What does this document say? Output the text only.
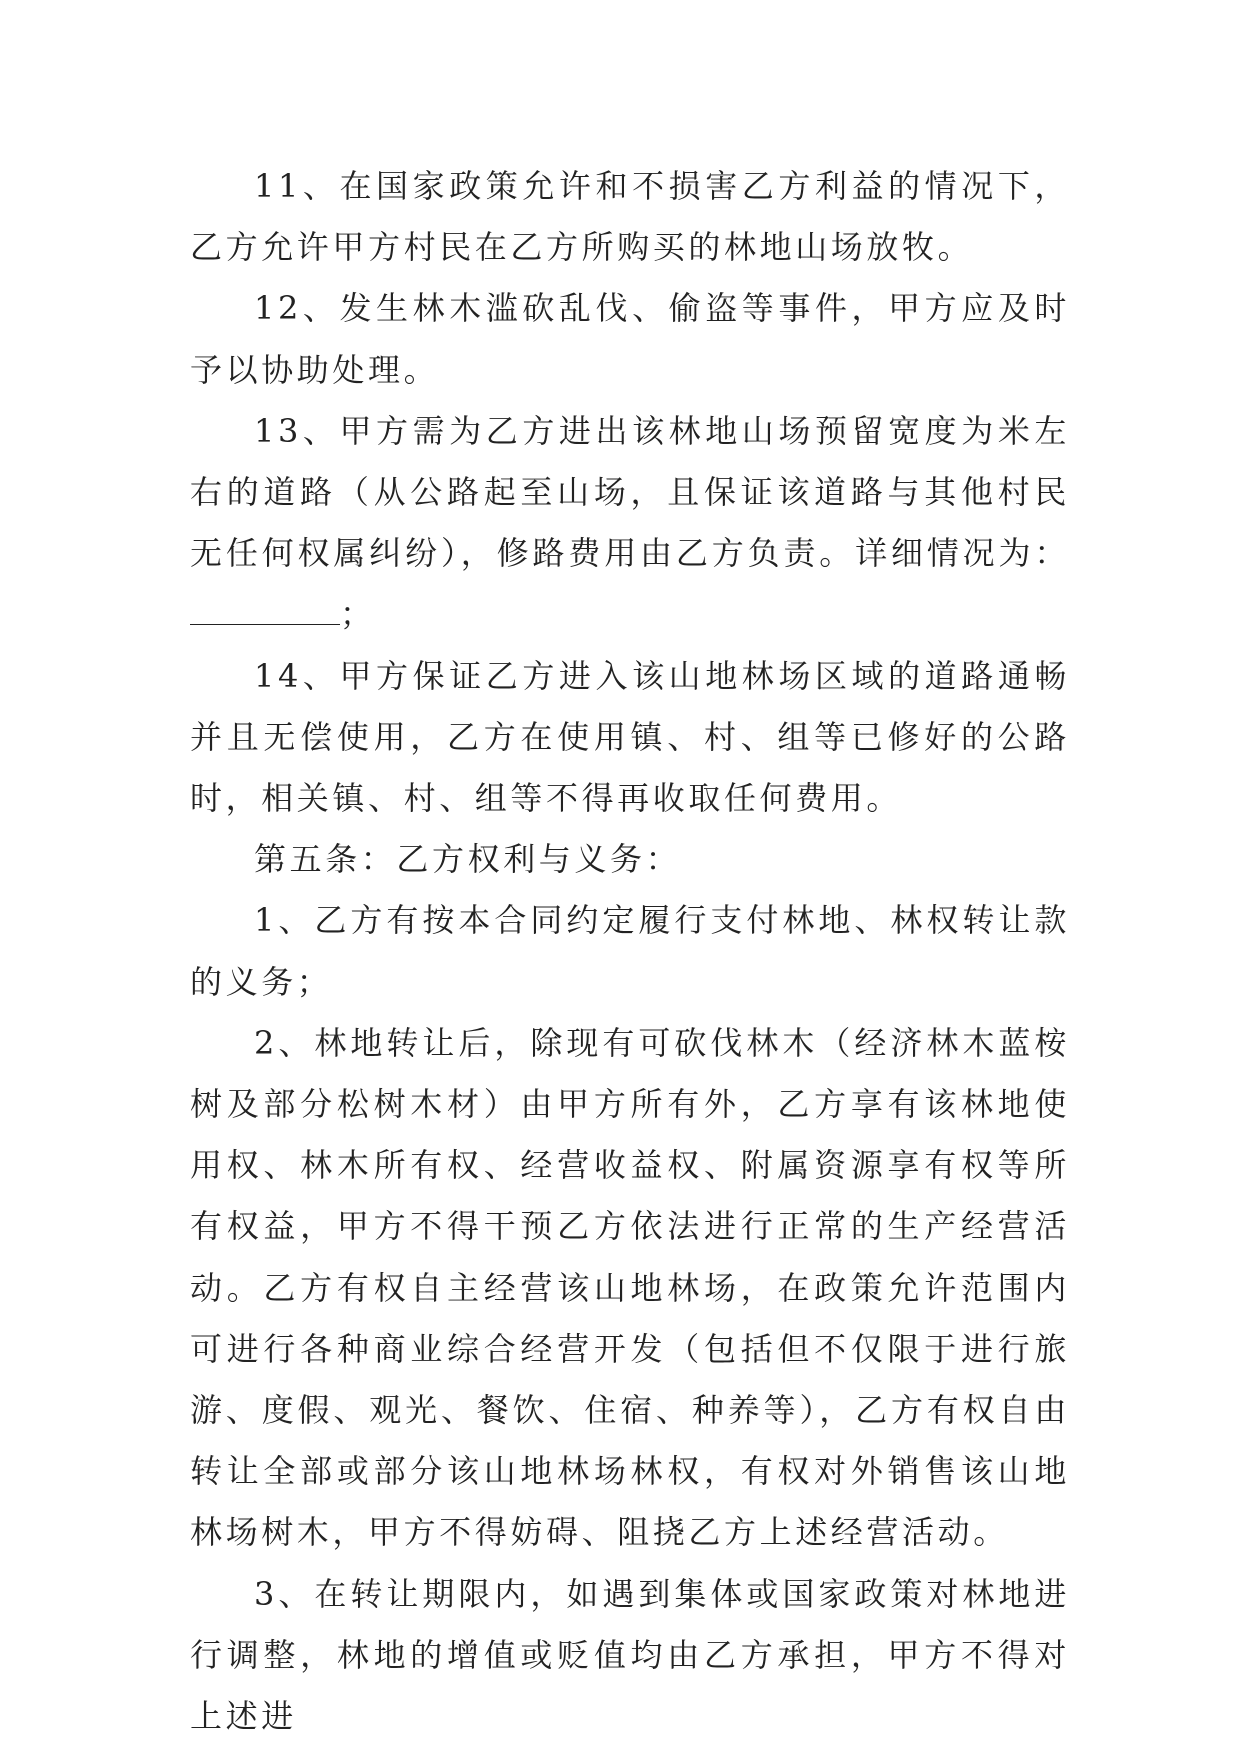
11、在国家政策允许和不损害乙方利益的情况下，乙方允许甲方村民在乙方所购买的林地山场放牧。

12、发生林木滥砍乱伐、偷盗等事件，甲方应及时予以协助处理。

13、甲方需为乙方进出该林地山场预留宽度为米左右的道路（从公路起至山场，且保证该道路与其他村民无任何权属纠纷），修路费用由乙方负责。详细情况为：；

14、甲方保证乙方进入该山地林场区域的道路通畅并且无偿使用，乙方在使用镇、村、组等已修好的公路时，相关镇、村、组等不得再收取任何费用。

第五条：乙方权利与义务：

1、乙方有按本合同约定履行支付林地、林权转让款的义务；

2、林地转让后，除现有可砍伐林木（经济林木蓝桉树及部分松树木材）由甲方所有外，乙方享有该林地使用权、林木所有权、经营收益权、附属资源享有权等所有权益，甲方不得干预乙方依法进行正常的生产经营活动。乙方有权自主经营该山地林场，在政策允许范围内可进行各种商业综合经营开发（包括但不仅限于进行旅游、度假、观光、餐饮、住宿、种养等），乙方有权自由转让全部或部分该山地林场林权，有权对外销售该山地林场树木，甲方不得妨碍、阻挠乙方上述经营活动。

3、在转让期限内，如遇到集体或国家政策对林地进行调整，林地的增值或贬值均由乙方承担，甲方不得对上述进
